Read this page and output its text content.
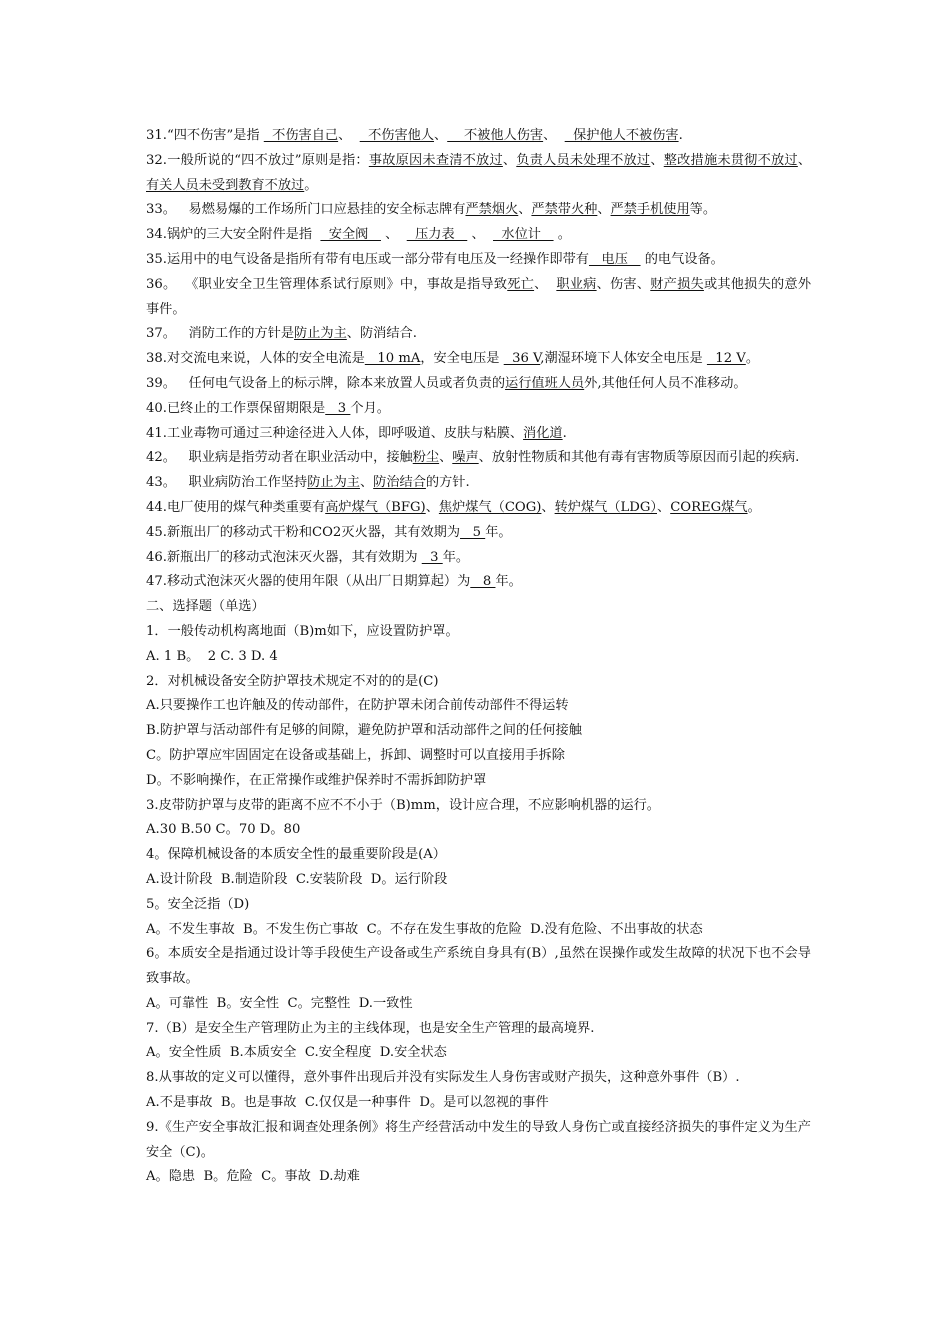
31.“四不伤害”是指   不伤害自己、    不伤害他人、    不被他人伤害、    保护他人不被伤害.
32.一般所说的“四不放过”原则是指：事故原因未查清不放过、负责人员未处理不放过、整改措施未贯彻不放过、有关人员未受到教育不放过。
33。   易燃易爆的工作场所门口应悬挂的安全标志牌有严禁烟火、严禁带火种、严禁手机使用等。
34.锅炉的三大安全附件是指    安全阀    、    压力表    、    水位计    。
35.运用中的电气设备是指所有带有电压或一部分带有电压及一经操作即带有   电压    的电气设备。
36。  《职业安全卫生管理体系试行原则》中，事故是指导致死亡、  职业病、伤害、财产损失或其他损失的意外事件。
37。   消防工作的方针是防止为主、防消结合.
38.对交流电来说，人体的安全电流是   10 mA，安全电压是   36 V,潮湿环境下人体安全电压是   12 V。
39。   任何电气设备上的标示牌，除本来放置人员或者负责的运行值班人员外,其他任何人员不准移动。
40.已终止的工作票保留期限是   3 个月。
41.工业毒物可通过三种途径进入人体，即呼吸道、皮肤与粘膜、消化道.
42。   职业病是指劳动者在职业活动中，接触粉尘、噪声、放射性物质和其他有毒有害物质等原因而引起的疾病.
43。   职业病防治工作坚持防止为主、防治结合的方针.
44.电厂使用的煤气种类重要有高炉煤气（BFG)、焦炉煤气（COG)、转炉煤气（LDG）、COREG煤气。
45.新瓶出厂的移动式干粉和CO2灭火器，其有效期为   5 年。
46.新瓶出厂的移动式泡沫灭火器，其有效期为   3 年。
47.移动式泡沫灭火器的使用年限（从出厂日期算起）为   8 年。
二、选择题（单选）
1．一般传动机构离地面（B)m如下，应设置防护罩。
A. 1 B。  2 C. 3 D. 4
2．对机械设备安全防护罩技术规定不对的的是(C)
A.只要操作工也许触及的传动部件，在防护罩未闭合前传动部件不得运转
B.防护罩与活动部件有足够的间隙，避免防护罩和活动部件之间的任何接触
C。防护罩应牢固固定在设备或基础上，拆卸、调整时可以直接用手拆除
D。不影响操作，在正常操作或维护保养时不需拆卸防护罩
3.皮带防护罩与皮带的距离不应不不小于（B)mm，设计应合理，不应影响机器的运行。
A.30 B.50 C。70 D。80
4。保障机械设备的本质安全性的最重要阶段是(A）
A.设计阶段  B.制造阶段  C.安装阶段  D。运行阶段
5。安全泛指（D)
A。不发生事故  B。不发生伤亡事故  C。不存在发生事故的危险  D.没有危险、不出事故的状态
6。本质安全是指通过设计等手段使生产设备或生产系统自身具有(B）,虽然在误操作或发生故障的状况下也不会导致事故。
A。可靠性  B。安全性  C。完整性  D.一致性
7.（B）是安全生产管理防止为主的主线体现，也是安全生产管理的最高境界.
A。安全性质  B.本质安全  C.安全程度  D.安全状态
8.从事故的定义可以懂得，意外事件出现后并没有实际发生人身伤害或财产损失，这种意外事件（B）.
A.不是事故  B。也是事故  C.仅仅是一种事件  D。是可以忽视的事件
9.《生产安全事故汇报和调查处理条例》将生产经营活动中发生的导致人身伤亡或直接经济损失的事件定义为生产安全（C)。
A。隐患  B。危险  C。事故  D.劫难
